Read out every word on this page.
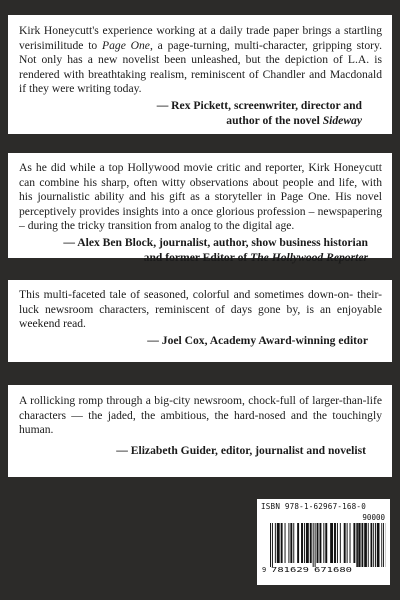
Kirk Honeycutt's experience working at a daily trade paper brings a startling verisimilitude to Page One, a page-turning, multi-character, gripping story. Not only has a new novelist been unleashed, but the depiction of L.A. is rendered with breathtaking realism, reminiscent of Chandler and Macdonald if they were writing today.

— Rex Pickett, screenwriter, director and
author of the novel Sideway

As he did while a top Hollywood movie critic and reporter, Kirk Honeycutt can combine his sharp, often witty observations about people and life, with his journalistic ability and his gift as a storyteller in Page One. His novel perceptively provides insights into a once glorious profession – newspapering – during the tricky transition from analog to the digital age.

— Alex Ben Block, journalist, author, show business historian
and former Editor of The Hollywood Reporter

This multi-faceted tale of seasoned, colorful and sometimes down-on- their-luck newsroom characters, reminiscent of days gone by, is an enjoyable weekend read.

— Joel Cox, Academy Award-winning editor

A rollicking romp through a big-city newsroom, chock-full of larger-than-life characters — the jaded, the ambitious, the hard-nosed and the touchingly human.

— Elizabeth Guider, editor, journalist and novelist
ISBN 978-1-62967-168-0
90000
9 781629 671680
